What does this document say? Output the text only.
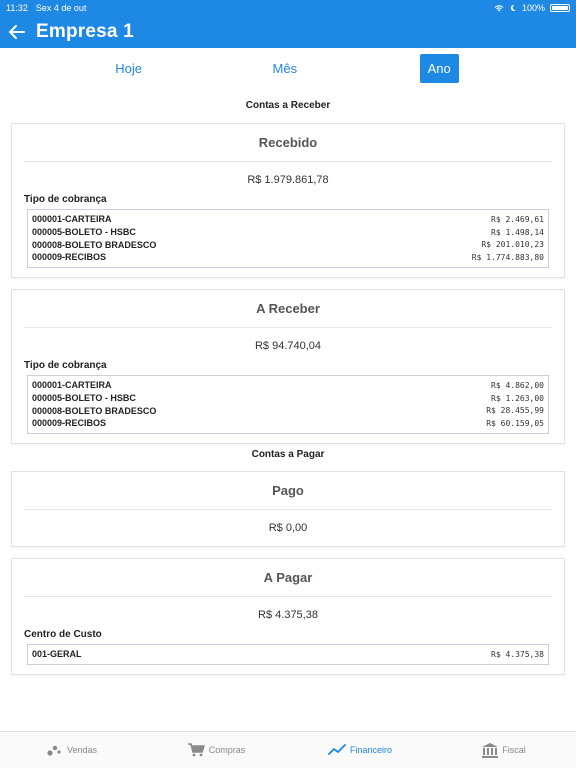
11:32 Sex 4 de out	100%
Empresa 1
Hoje	Mês	Ano
Contas a Receber
Recebido
R$ 1.979.861,78
Tipo de cobrança
000001-CARTEIRA	R$ 2.469,61
000005-BOLETO - HSBC	R$ 1.498,14
000008-BOLETO BRADESCO	R$ 201.010,23
000009-RECIBOS	R$ 1.774.883,80
A Receber
R$ 94.740,04
Tipo de cobrança
000001-CARTEIRA	R$ 4.862,00
000005-BOLETO - HSBC	R$ 1.263,00
000008-BOLETO BRADESCO	R$ 28.455,99
000009-RECIBOS	R$ 60.159,05
Contas a Pagar
Pago
R$ 0,00
A Pagar
R$ 4.375,38
Centro de Custo
001-GERAL	R$ 4.375,38
Vendas	Compras	Financeiro	Fiscal
